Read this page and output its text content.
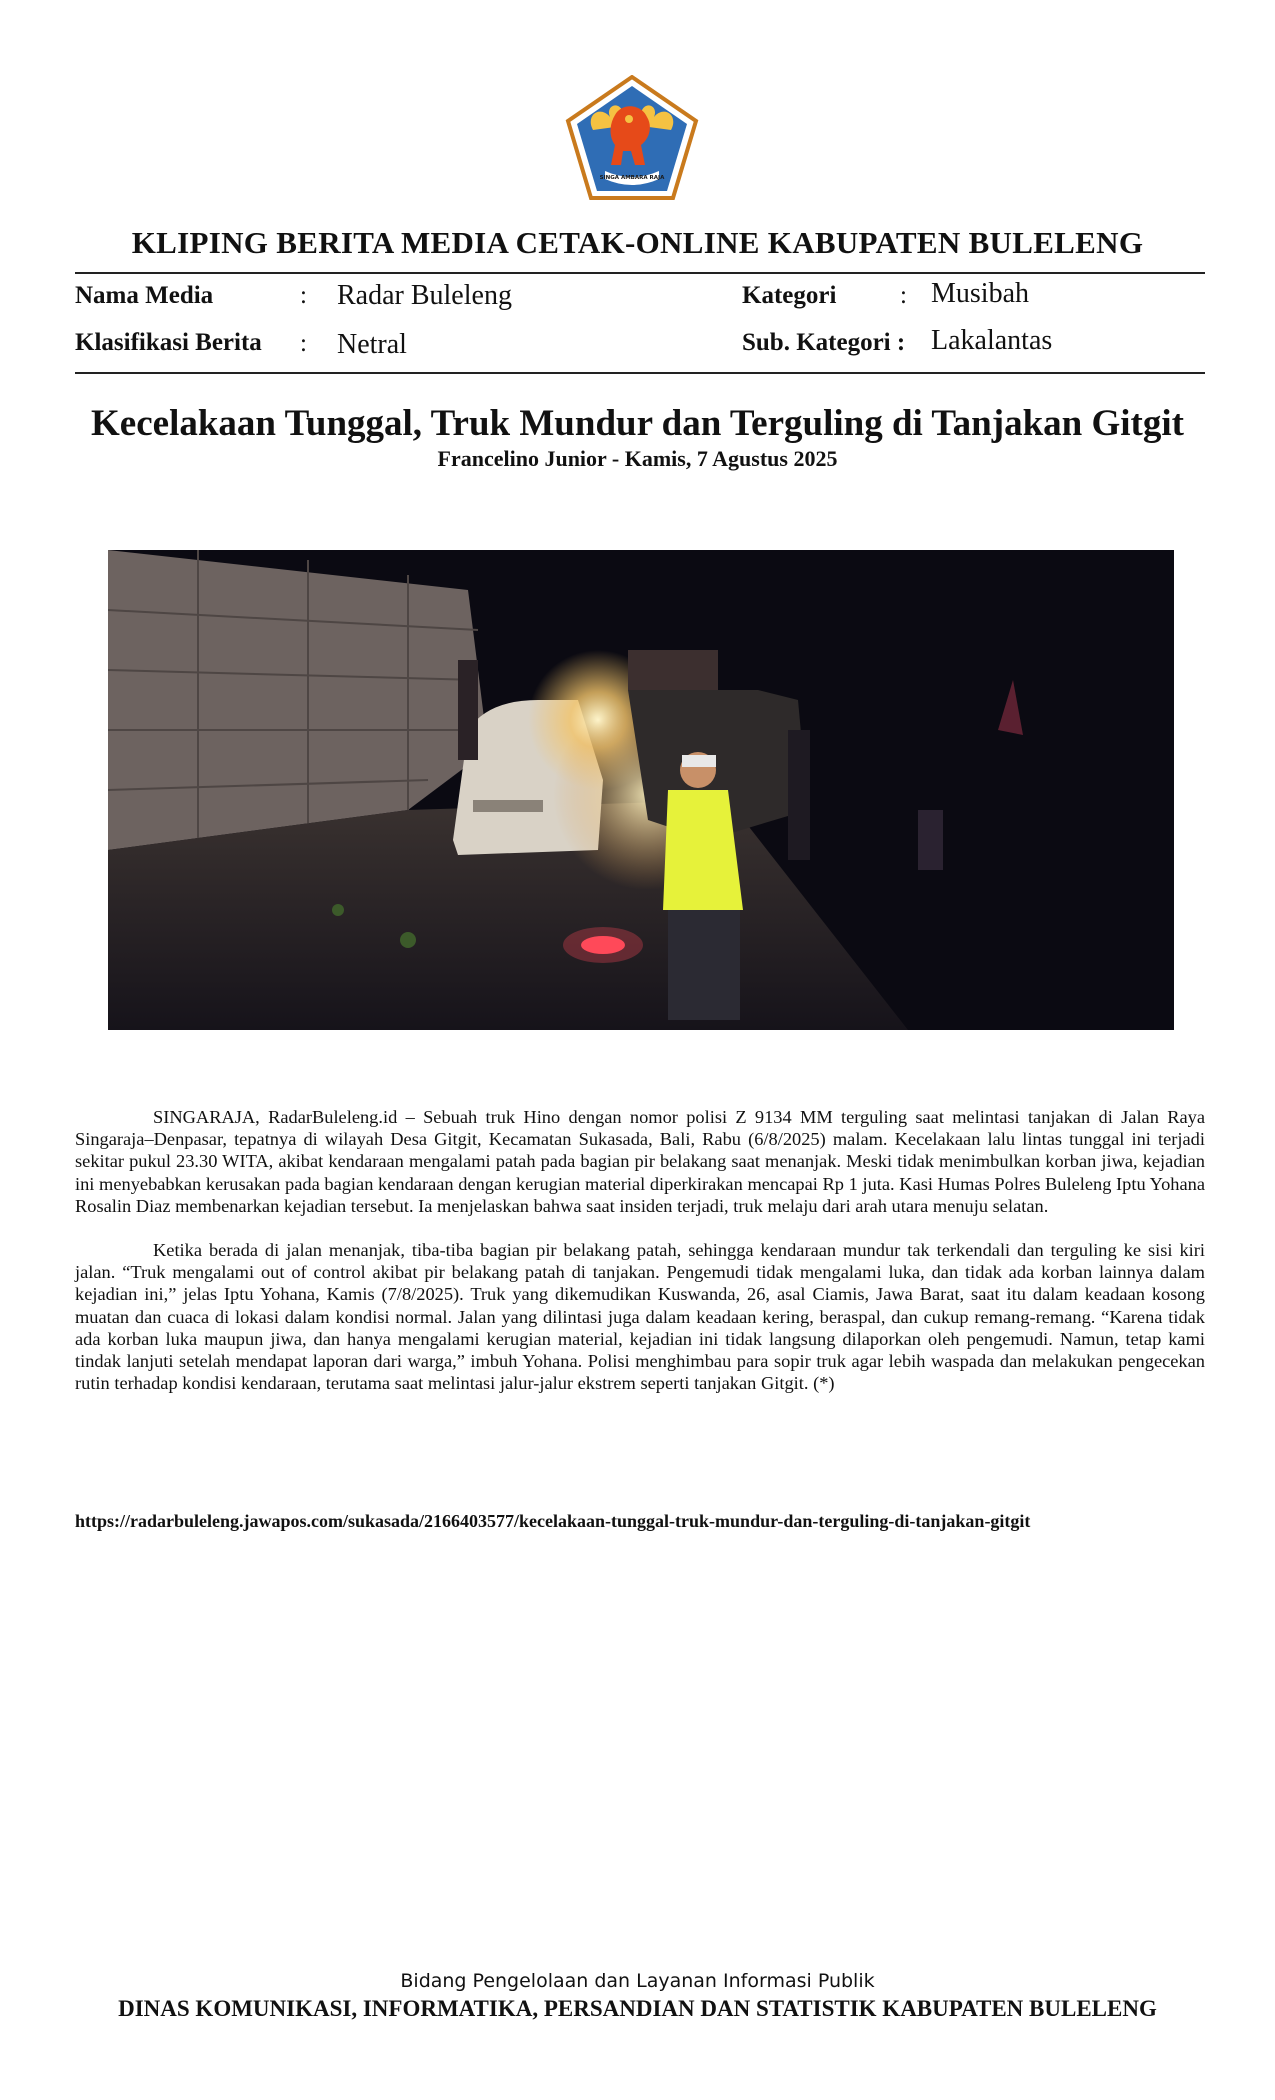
SINGA AMBARA RAJA
KLIPING BERITA MEDIA CETAK-ONLINE KABUPATEN BULELENG
Nama Media	: Radar Buleleng	Kategori	: Musibah
Klasifikasi Berita : Netral	Sub. Kategori : Lakalantas
Kecelakaan Tunggal, Truk Mundur dan Terguling di Tanjakan Gitgit
Francelino Junior - Kamis, 7 Agustus 2025

SINGARAJA, RadarBuleleng.id – Sebuah truk Hino dengan nomor polisi Z 9134 MM terguling saat melintasi tanjakan di Jalan Raya Singaraja–Denpasar, tepatnya di wilayah Desa Gitgit, Kecamatan Sukasada, Bali, Rabu (6/8/2025) malam. Kecelakaan lalu lintas tunggal ini terjadi sekitar pukul 23.30 WITA, akibat kendaraan mengalami patah pada bagian pir belakang saat menanjak. Meski tidak menimbulkan korban jiwa, kejadian ini menyebabkan kerusakan pada bagian kendaraan dengan kerugian material diperkirakan mencapai Rp 1 juta. Kasi Humas Polres Buleleng Iptu Yohana Rosalin Diaz membenarkan kejadian tersebut. Ia menjelaskan bahwa saat insiden terjadi, truk melaju dari arah utara menuju selatan.

Ketika berada di jalan menanjak, tiba-tiba bagian pir belakang patah, sehingga kendaraan mundur tak terkendali dan terguling ke sisi kiri jalan. “Truk mengalami out of control akibat pir belakang patah di tanjakan. Pengemudi tidak mengalami luka, dan tidak ada korban lainnya dalam kejadian ini,” jelas Iptu Yohana, Kamis (7/8/2025). Truk yang dikemudikan Kuswanda, 26, asal Ciamis, Jawa Barat, saat itu dalam keadaan kosong muatan dan cuaca di lokasi dalam kondisi normal. Jalan yang dilintasi juga dalam keadaan kering, beraspal, dan cukup remang-remang. “Karena tidak ada korban luka maupun jiwa, dan hanya mengalami kerugian material, kejadian ini tidak langsung dilaporkan oleh pengemudi. Namun, tetap kami tindak lanjuti setelah mendapat laporan dari warga,” imbuh Yohana. Polisi menghimbau para sopir truk agar lebih waspada dan melakukan pengecekan rutin terhadap kondisi kendaraan, terutama saat melintasi jalur-jalur ekstrem seperti tanjakan Gitgit. (*)

https://radarbuleleng.jawapos.com/sukasada/2166403577/kecelakaan-tunggal-truk-mundur-dan-terguling-di-tanjakan-gitgit
Bidang Pengelolaan dan Layanan Informasi Publik
DINAS KOMUNIKASI, INFORMATIKA, PERSANDIAN DAN STATISTIK KABUPATEN BULELENG
